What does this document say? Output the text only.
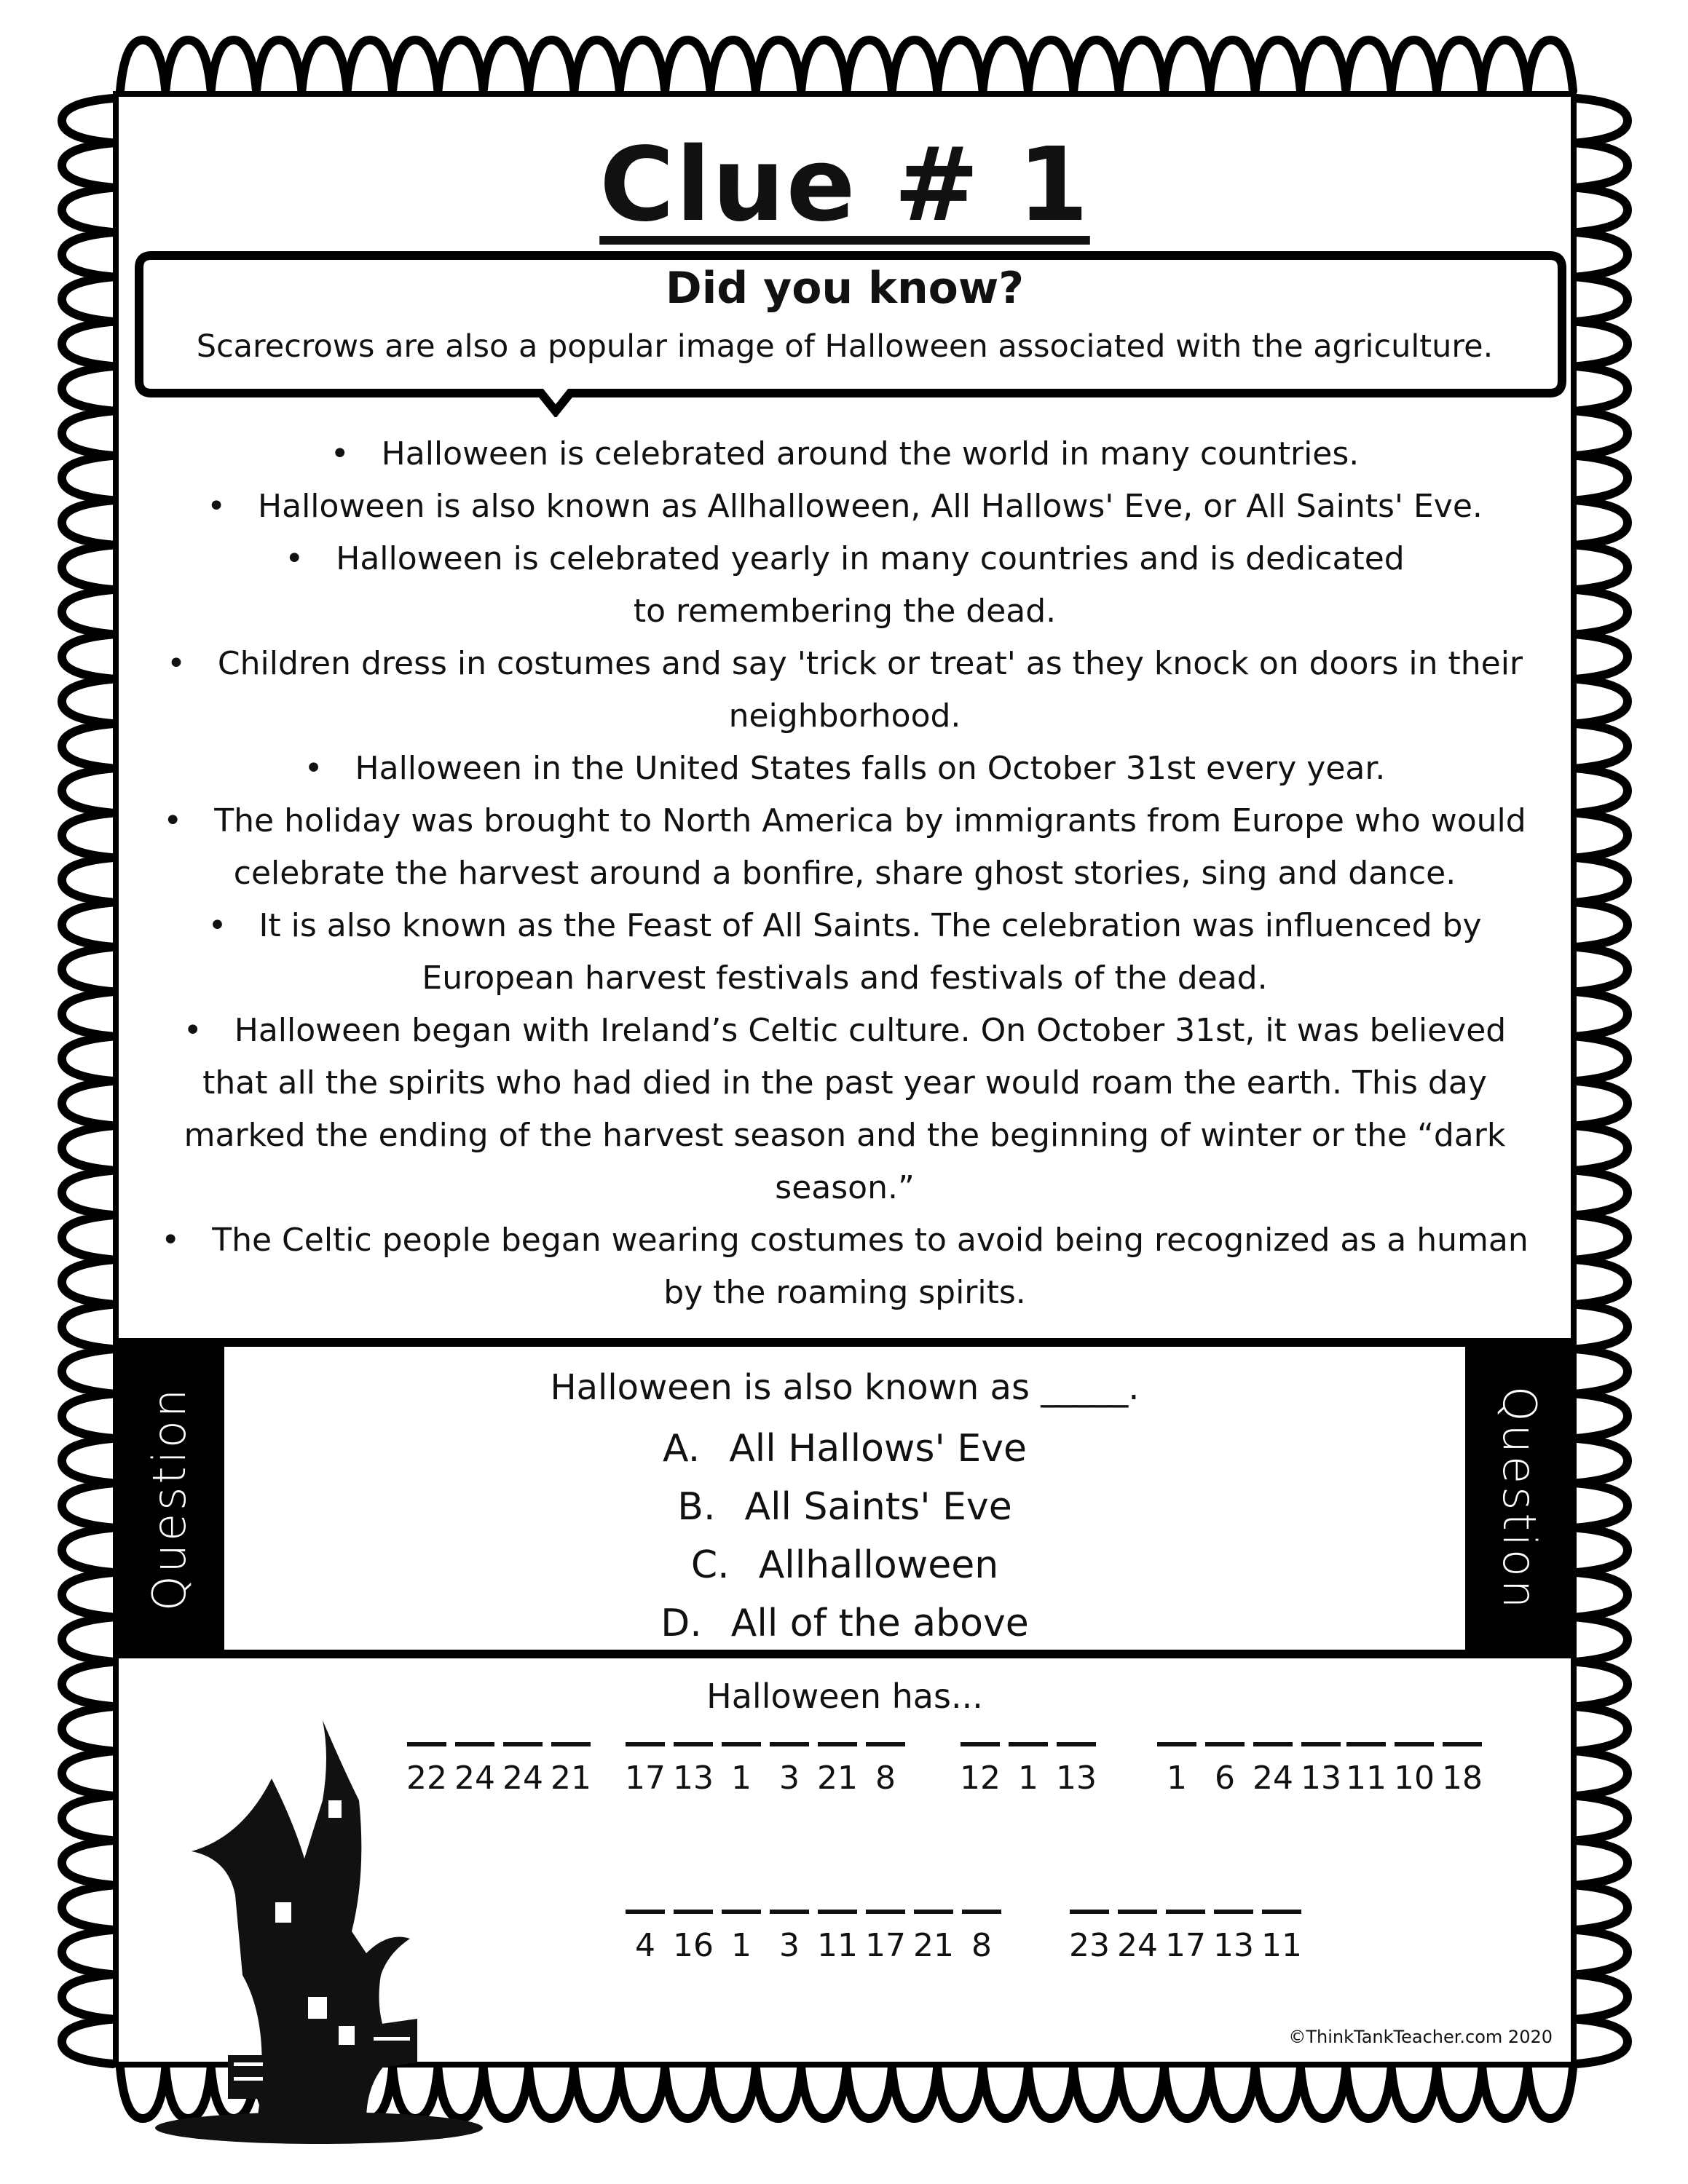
Clue # 1
Did you know?
Scarecrows are also a popular image of Halloween associated with the agriculture.
• Halloween is celebrated around the world in many countries.
• Halloween is also known as Allhalloween, All Hallows' Eve, or All Saints' Eve.
• Halloween is celebrated yearly in many countries and is dedicated to remembering the dead.
• Children dress in costumes and say 'trick or treat' as they knock on doors in their neighborhood.
• Halloween in the United States falls on October 31st every year.
• The holiday was brought to North America by immigrants from Europe who would celebrate the harvest around a bonfire, share ghost stories, sing and dance.
• It is also known as the Feast of All Saints. The celebration was influenced by European harvest festivals and festivals of the dead.
• Halloween began with Ireland’s Celtic culture. On October 31st, it was believed that all the spirits who had died in the past year would roam the earth. This day marked the ending of the harvest season and the beginning of winter or the “dark season.”
• The Celtic people began wearing costumes to avoid being recognized as a human by the roaming spirits.
Question	Question
Halloween is also known as _____.
A. All Hallows' Eve
B. All Saints' Eve
C. Allhalloween
D. All of the above
Halloween has...
22 24 24 21 17 13 1 3 21 8	12 1 13	1 6 24 13 11 10 18
4 16 1 3 11 17 21 8	23 24 17 13 11
©ThinkTankTeacher.com 2020
